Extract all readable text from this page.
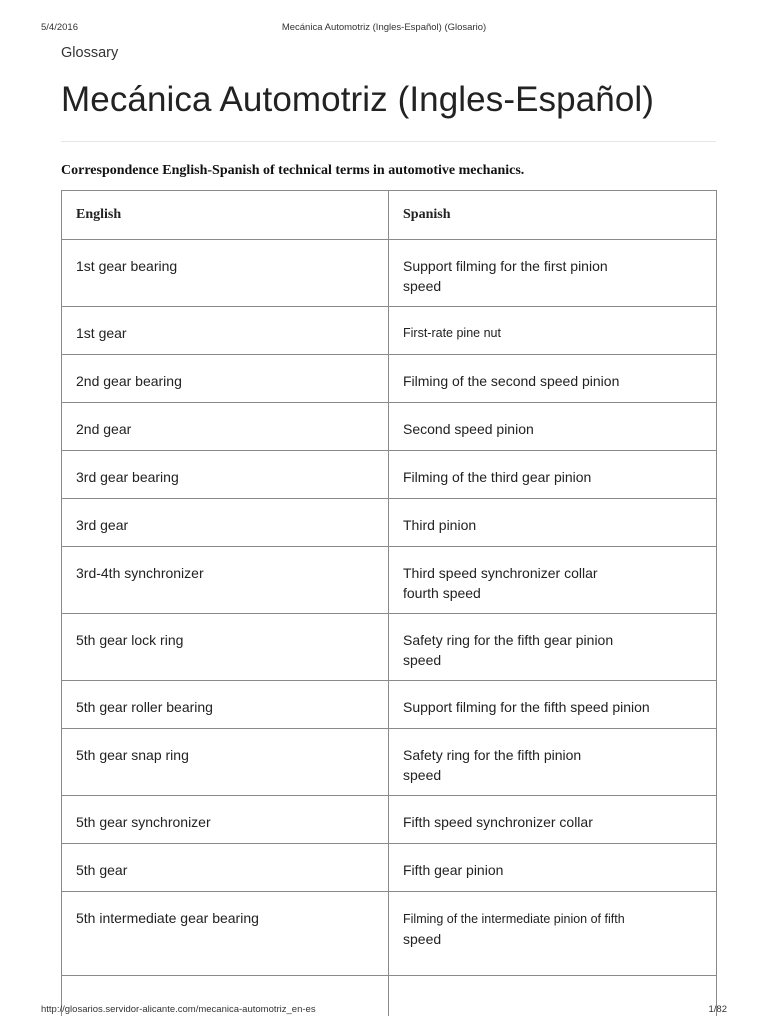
5/4/2016	Mecánica Automotriz (Ingles-Español) (Glosario)
Glossary
Mecánica Automotriz (Ingles-Español)
Correspondence English-Spanish of technical terms in automotive mechanics.
English	Spanish
1st gear bearing	Support filming for the first pinion
speed
1st gear	First-rate pine nut
2nd gear bearing	Filming of the second speed pinion
2nd gear	Second speed pinion
3rd gear bearing	Filming of the third gear pinion
3rd gear	Third pinion
3rd-4th synchronizer	Third speed synchronizer collar
fourth speed
5th gear lock ring	Safety ring for the fifth gear pinion
speed
5th gear roller bearing	Support filming for the fifth speed pinion
5th gear snap ring	Safety ring for the fifth pinion
speed
5th gear synchronizer	Fifth speed synchronizer collar
5th gear	Fifth gear pinion
5th intermediate gear bearing	Filming of the intermediate pinion of fifth
speed

http://glosarios.servidor-alicante.com/mecanica-automotriz_en-es	1/82
